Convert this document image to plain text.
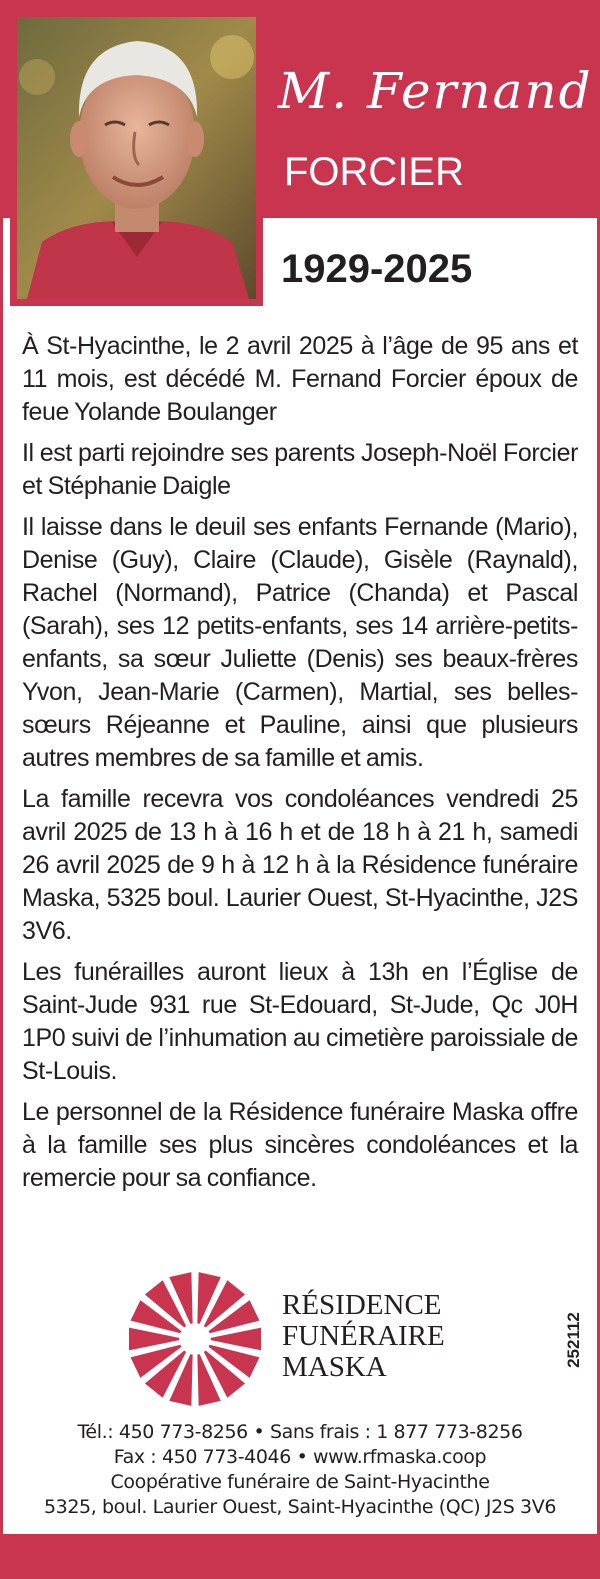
M. Fernand
FORCIER
1929-2025

À St-Hyacinthe, le 2 avril 2025 à l’âge de 95 ans et 11 mois, est décédé M. Fernand Forcier époux de feue Yolande Boulanger

Il est parti rejoindre ses parents Joseph-Noël Forcier et Stéphanie Daigle

Il laisse dans le deuil ses enfants Fernande (Mario), Denise (Guy), Claire (Claude), Gisèle (Raynald), Rachel (Normand), Patrice (Chanda) et Pascal (Sarah), ses 12 petits-enfants, ses 14 arrière-petits-enfants, sa sœur Juliette (Denis) ses beaux-frères Yvon, Jean-Marie (Carmen), Martial, ses belles-sœurs Réjeanne et Pauline, ainsi que plusieurs autres membres de sa famille et amis.

La famille recevra vos condoléances vendredi 25 avril 2025 de 13 h à 16 h et de 18 h à 21 h, samedi 26 avril 2025 de 9 h à 12 h à la Résidence funéraire Maska, 5325 boul. Laurier Ouest, St-Hyacinthe, J2S 3V6.

Les funérailles auront lieux à 13h en l’Église de Saint-Jude 931 rue St-Edouard, St-Jude, Qc J0H 1P0 suivi de l’inhumation au cimetière paroissiale de St-Louis.

Le personnel de la Résidence funéraire Maska offre à la famille ses plus sincères condoléances et la remercie pour sa confiance.

RÉSIDENCE
FUNÉRAIRE
MASKA	252112
Tél.: 450 773-8256 • Sans frais : 1 877 773-8256
Fax : 450 773-4046 • www.rfmaska.coop
Coopérative funéraire de Saint-Hyacinthe
5325, boul. Laurier Ouest, Saint-Hyacinthe (QC) J2S 3V6
